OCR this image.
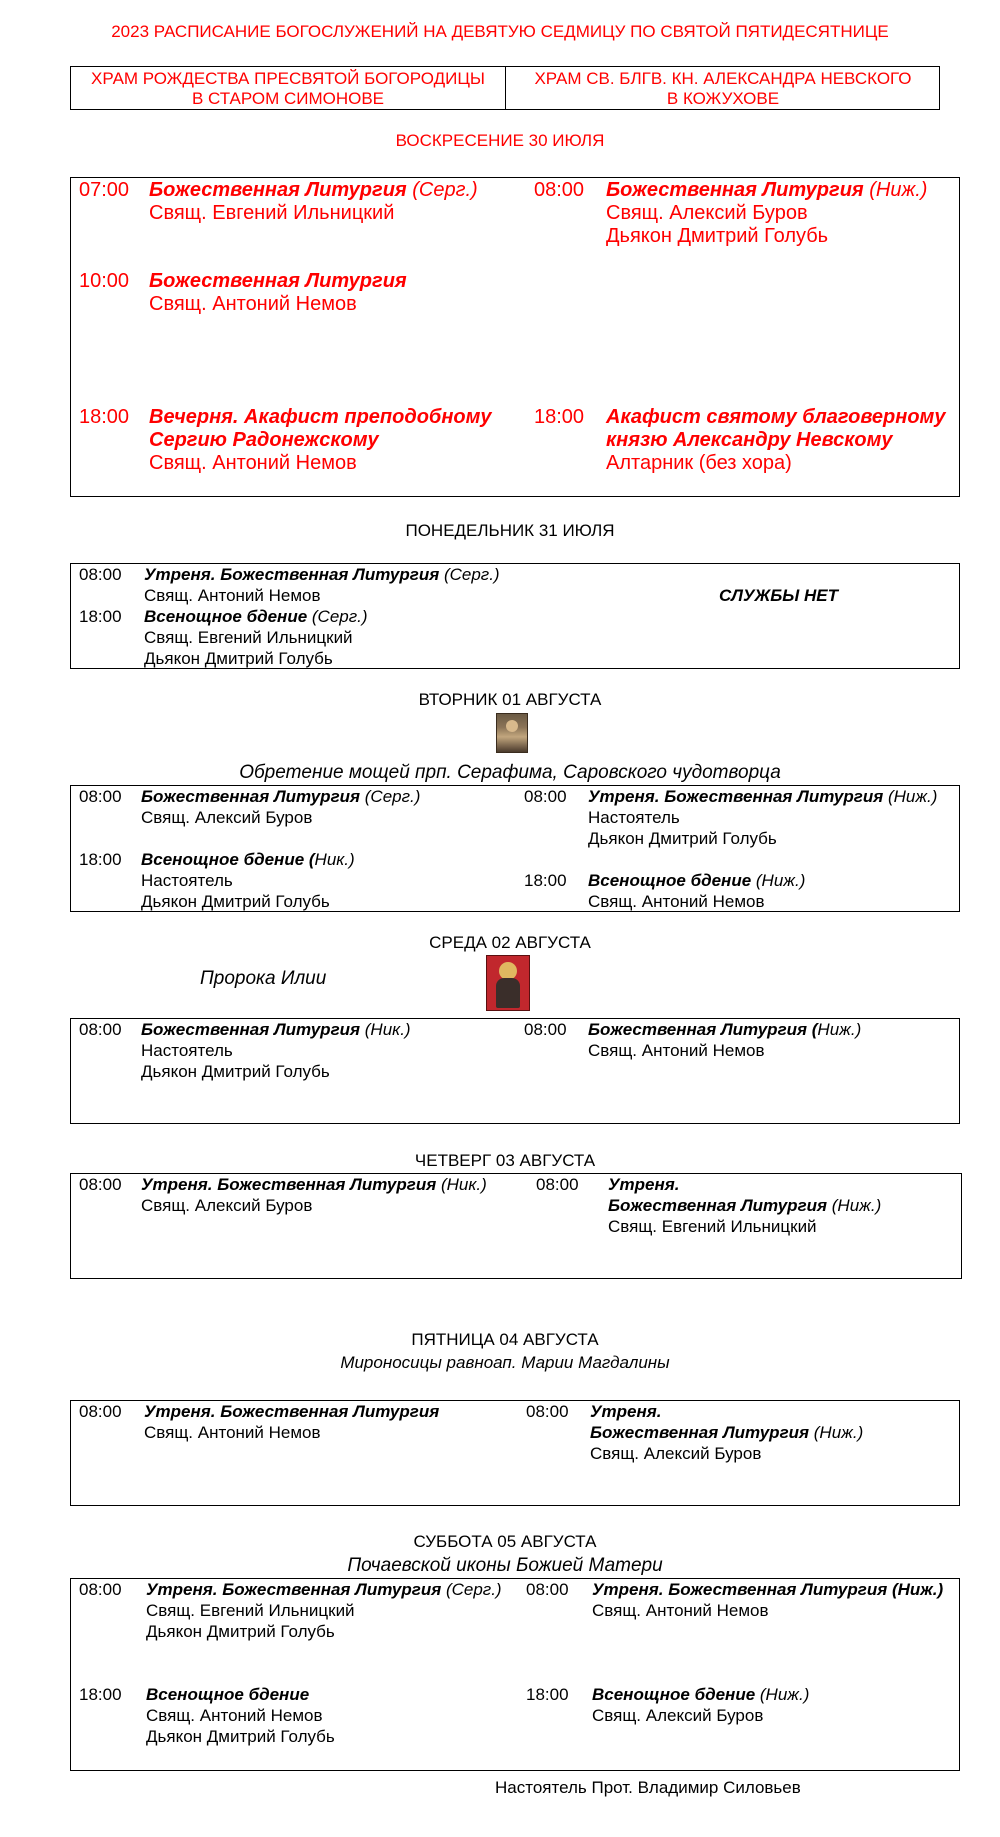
2023 РАСПИСАНИЕ БОГОСЛУЖЕНИЙ НА ДЕВЯТУЮ СЕДМИЦУ ПО СВЯТОЙ ПЯТИДЕСЯТНИЦЕ
ХРАМ РОЖДЕСТВА ПРЕСВЯТОЙ БОГОРОДИЦЫ
В СТАРОМ СИМОНОВЕ
ХРАМ СВ. БЛГВ. КН. АЛЕКСАНДРА НЕВСКОГО
В КОЖУХОВЕ
ВОСКРЕСЕНИЕ 30 ИЮЛЯ
07:00 Божественная Литургия (Серг.)
Свящ. Евгений Ильницкий
10:00 Божественная Литургия
Свящ. Антоний Немов
18:00 Вечерня. Акафист преподобному
Сергию Радонежскому
Свящ. Антоний Немов
08:00 Божественная Литургия (Ниж.)
Свящ. Алексий Буров
Дьякон Дмитрий Голубь
18:00 Акафист святому благоверному
князю Александру Невскому
Алтарник (без хора)
ПОНЕДЕЛЬНИК 31 ИЮЛЯ
08:00 Утреня. Божественная Литургия (Серг.)
Свящ. Антоний Немов
18:00 Всенощное бдение (Серг.)
Свящ. Евгений Ильницкий
Дьякон Дмитрий Голубь
СЛУЖБЫ НЕТ
ВТОРНИК 01 АВГУСТА
Обретение мощей прп. Серафима, Саровского чудотворца
08:00 Божественная Литургия (Серг.)
Свящ. Алексий Буров
18:00 Всенощное бдение (Ник.)
Настоятель
Дьякон Дмитрий Голубь
08:00 Утреня. Божественная Литургия (Ниж.)
Настоятель
Дьякон Дмитрий Голубь
18:00 Всенощное бдение (Ниж.)
Свящ. Антоний Немов
СРЕДА 02 АВГУСТА
Пророка Илии
08:00 Божественная Литургия (Ник.)
Настоятель
Дьякон Дмитрий Голубь
08:00 Божественная Литургия (Ниж.)
Свящ. Антоний Немов
ЧЕТВЕРГ 03 АВГУСТА
08:00 Утреня. Божественная Литургия (Ник.)
Свящ. Алексий Буров
08:00 Утреня.
Божественная Литургия (Ниж.)
Свящ. Евгений Ильницкий
ПЯТНИЦА 04 АВГУСТА
Мироносицы равноап. Марии Магдалины
08:00 Утреня. Божественная Литургия
Свящ. Антоний Немов
08:00 Утреня.
Божественная Литургия (Ниж.)
Свящ. Алексий Буров
СУББОТА 05 АВГУСТА
Почаевской иконы Божией Матери
08:00 Утреня. Божественная Литургия (Серг.)
Свящ. Евгений Ильницкий
Дьякон Дмитрий Голубь
18:00 Всенощное бдение
Свящ. Антоний Немов
Дьякон Дмитрий Голубь
08:00 Утреня. Божественная Литургия (Ниж.)
Свящ. Антоний Немов
18:00 Всенощное бдение (Ниж.)
Свящ. Алексий Буров
Настоятель Прот. Владимир Силовьев
